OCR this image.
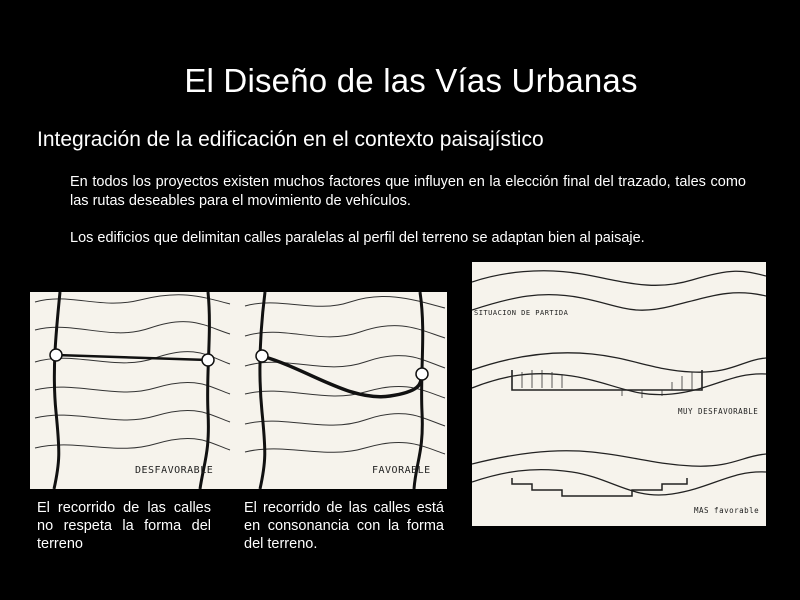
El Diseño de las Vías Urbanas
Integración de la edificación en el contexto paisajístico
En todos los proyectos existen muchos factores que influyen en la elección final del trazado, tales como las rutas deseables para el movimiento de vehículos.
Los edificios que delimitan calles paralelas al perfil del terreno se adaptan bien al paisaje.
DESFAVORABLE	FAVORABLE
SITUACION DE PARTIDA
MUY DESFAVORABLE
MAS favorable
El recorrido de las calles no respeta la forma del terreno
El recorrido de las calles está en consonancia con la forma del terreno.
